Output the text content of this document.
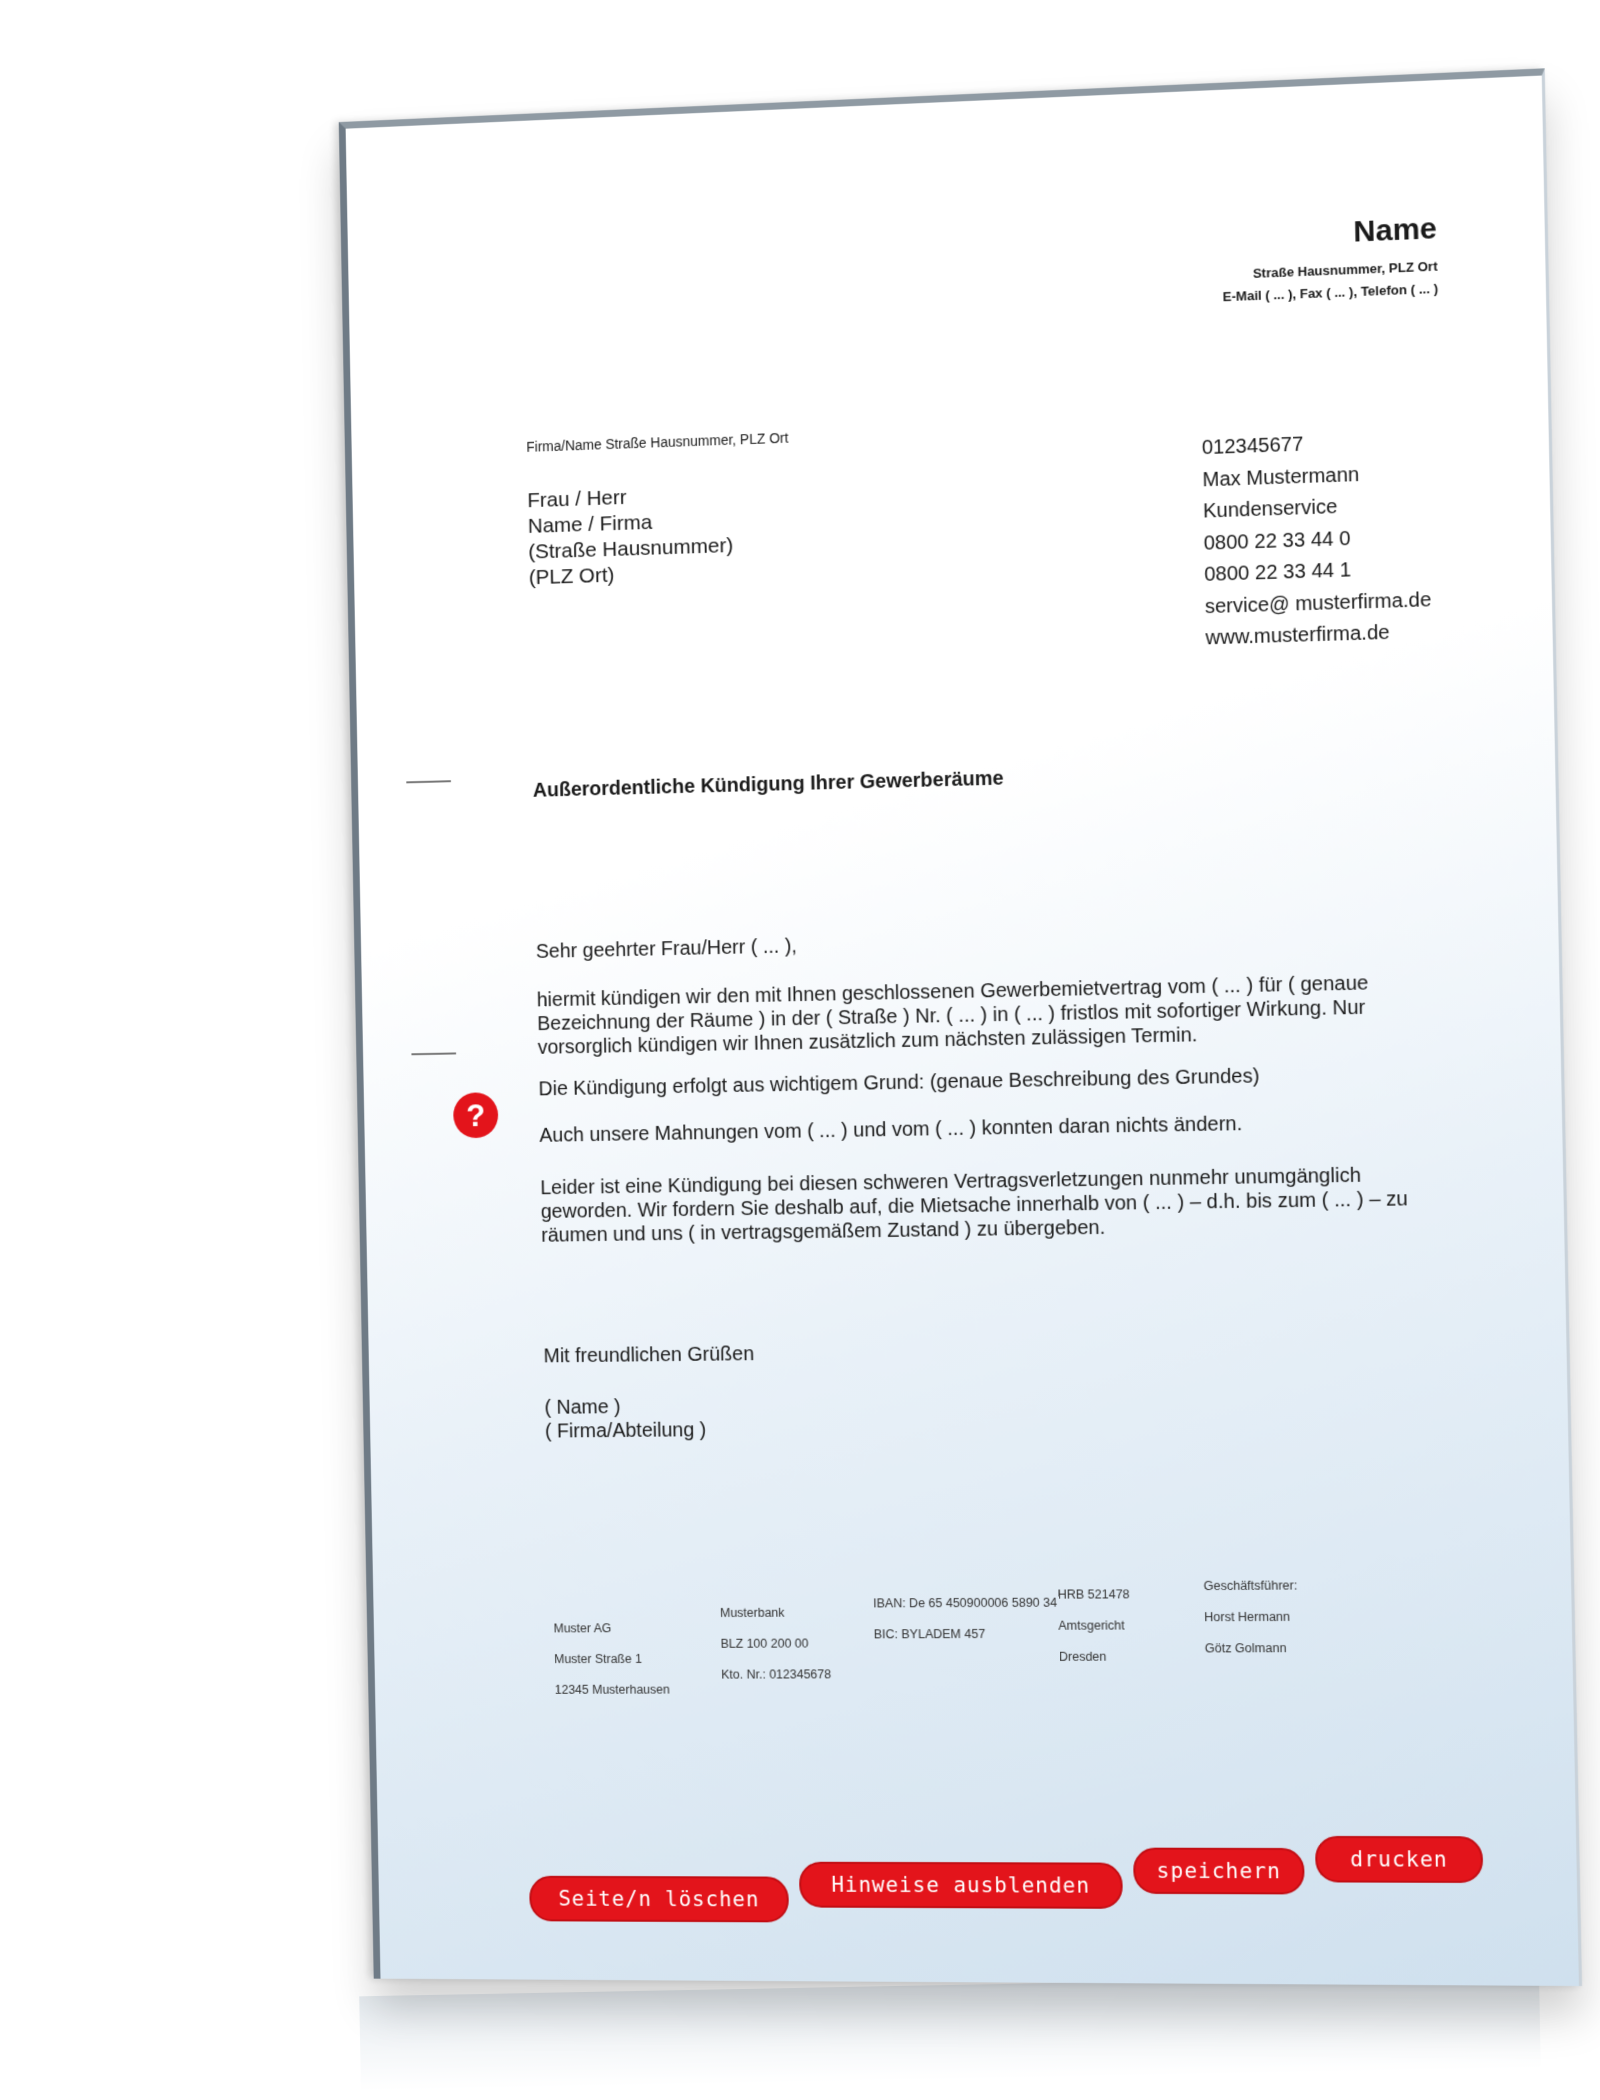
Name
Straße Hausnummer, PLZ Ort
E-Mail ( ... ), Fax ( ... ), Telefon ( ... )
Firma/Name Straße Hausnummer, PLZ Ort
Frau / Herr
Name / Firma
(Straße Hausnummer)
(PLZ Ort)
012345677
Max Mustermann
Kundenservice
0800 22 33 44 0
0800 22 33 44 1
service@ musterfirma.de
www.musterfirma.de
Außerordentliche Kündigung Ihrer Gewerberäume
Sehr geehrter Frau/Herr ( ... ),
hiermit kündigen wir den mit Ihnen geschlossenen Gewerbemietvertrag vom ( ... ) für ( genaue Bezeichnung der Räume ) in der ( Straße ) Nr. ( ... ) in ( ... ) fristlos mit sofortiger Wirkung. Nur vorsorglich kündigen wir Ihnen zusätzlich zum nächsten zulässigen Termin.
?
Die Kündigung erfolgt aus wichtigem Grund: (genaue Beschreibung des Grundes)
Auch unsere Mahnungen vom ( ... ) und vom ( ... ) konnten daran nichts ändern.
Leider ist eine Kündigung bei diesen schweren Vertragsverletzungen nunmehr unumgänglich geworden. Wir fordern Sie deshalb auf, die Mietsache innerhalb von ( ... ) – d.h. bis zum ( ... ) – zu räumen und uns ( in vertragsgemäßem Zustand ) zu übergeben.
Mit freundlichen Grüßen
( Name )
( Firma/Abteilung )
Muster AG
Muster Straße 1
12345 Musterhausen
Musterbank
BLZ 100 200 00
Kto. Nr.: 012345678
IBAN: De 65 450900006 5890 34
BIC: BYLADEM 457
HRB 521478
Amtsgericht
Dresden
Geschäftsführer:
Horst Hermann
Götz Golmann
Seite/n löschen
Hinweise ausblenden
speichern	drucken
